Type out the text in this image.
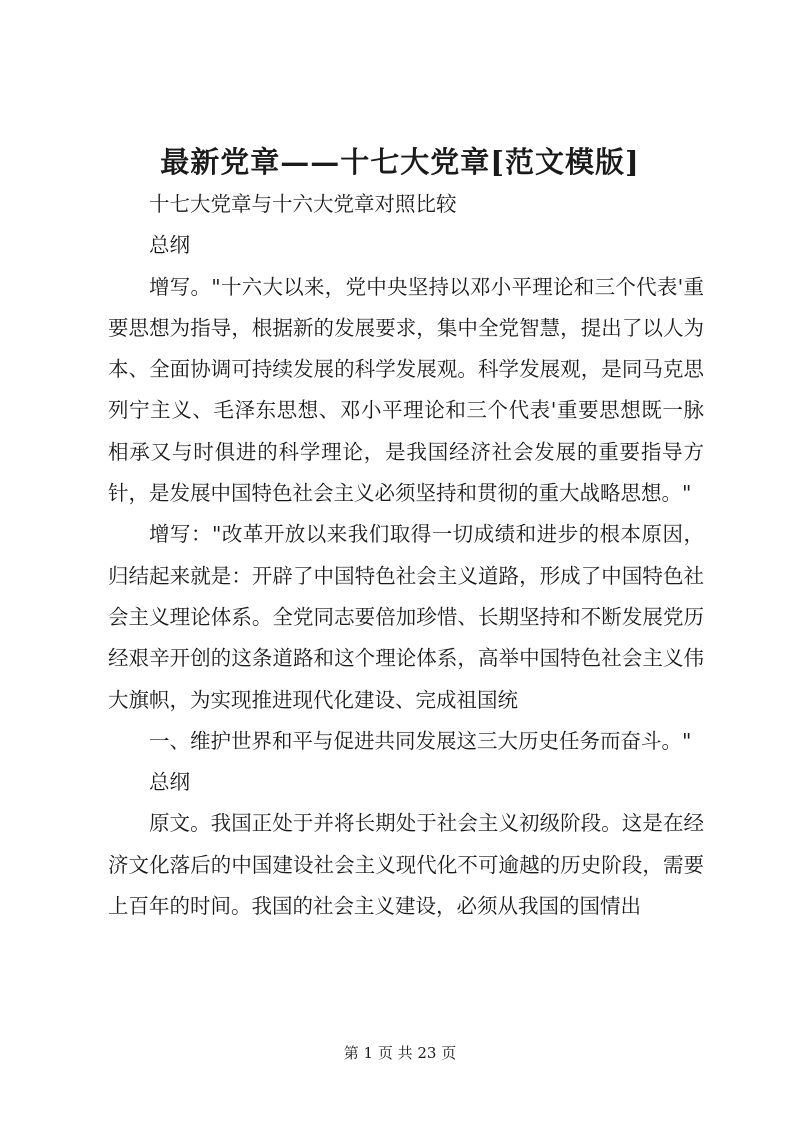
最新党章——十七大党章[范文模版]

十七大党章与十六大党章对照比较

总纲

增写。"十六大以来，党中央坚持以邓小平理论和三个代表'重要思想为指导，根据新的发展要求，集中全党智慧，提出了以人为本、全面协调可持续发展的科学发展观。科学发展观，是同马克思列宁主义、毛泽东思想、邓小平理论和三个代表'重要思想既一脉相承又与时俱进的科学理论，是我国经济社会发展的重要指导方针，是发展中国特色社会主义必须坚持和贯彻的重大战略思想。"

增写："改革开放以来我们取得一切成绩和进步的根本原因，归结起来就是：开辟了中国特色社会主义道路，形成了中国特色社会主义理论体系。全党同志要倍加珍惜、长期坚持和不断发展党历经艰辛开创的这条道路和这个理论体系，高举中国特色社会主义伟大旗帜，为实现推进现代化建设、完成祖国统

一、维护世界和平与促进共同发展这三大历史任务而奋斗。"

总纲

原文。我国正处于并将长期处于社会主义初级阶段。这是在经济文化落后的中国建设社会主义现代化不可逾越的历史阶段，需要上百年的时间。我国的社会主义建设，必须从我国的国情出

第 1 页 共 23 页
